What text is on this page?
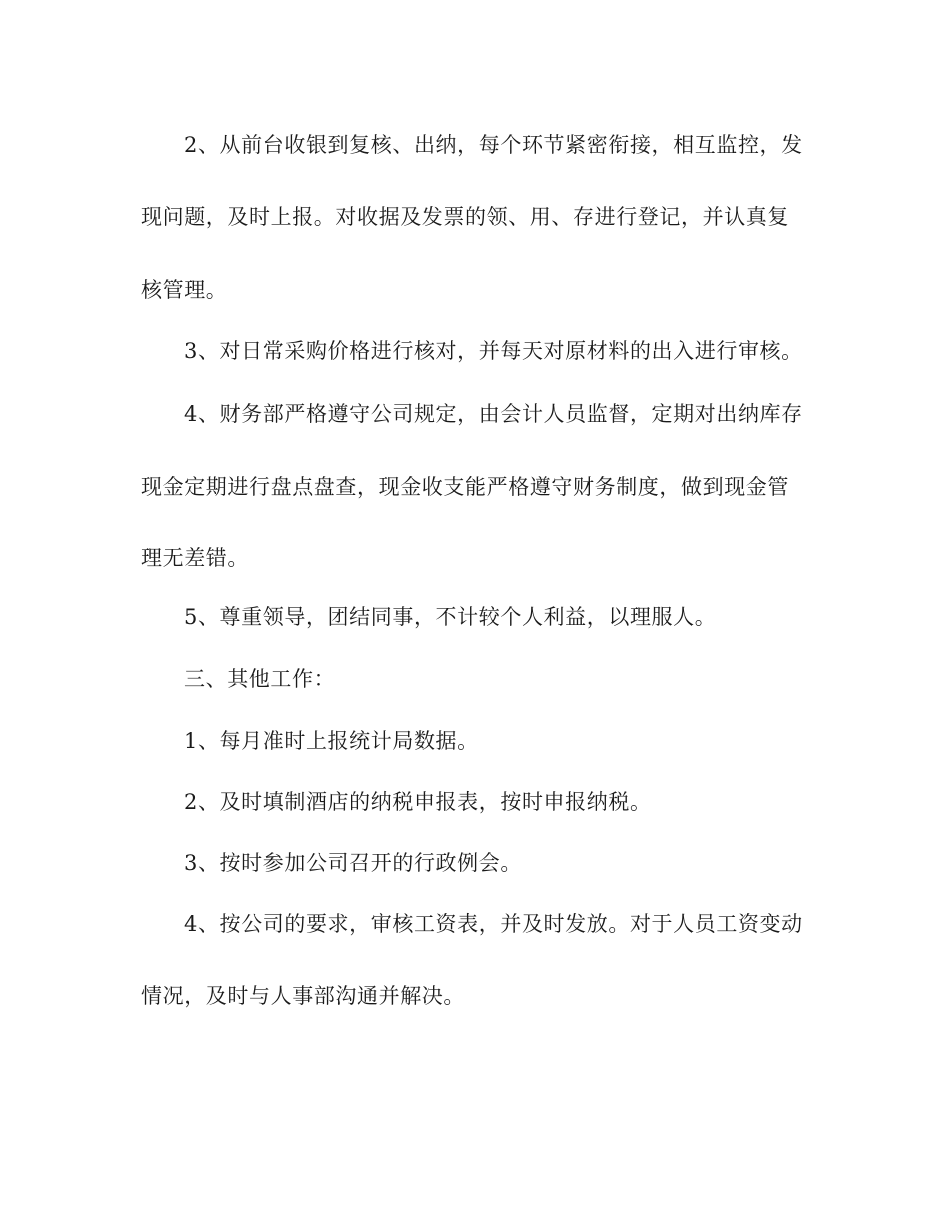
2、从前台收银到复核、出纳，每个环节紧密衔接，相互监控，发
现问题，及时上报。对收据及发票的领、用、存进行登记，并认真复
核管理。
3、对日常采购价格进行核对，并每天对原材料的出入进行审核。
4、财务部严格遵守公司规定，由会计人员监督，定期对出纳库存
现金定期进行盘点盘查，现金收支能严格遵守财务制度，做到现金管
理无差错。
5、尊重领导，团结同事，不计较个人利益，以理服人。
三、其他工作：
1、每月准时上报统计局数据。
2、及时填制酒店的纳税申报表，按时申报纳税。
3、按时参加公司召开的行政例会。
4、按公司的要求，审核工资表，并及时发放。对于人员工资变动
情况，及时与人事部沟通并解决。
